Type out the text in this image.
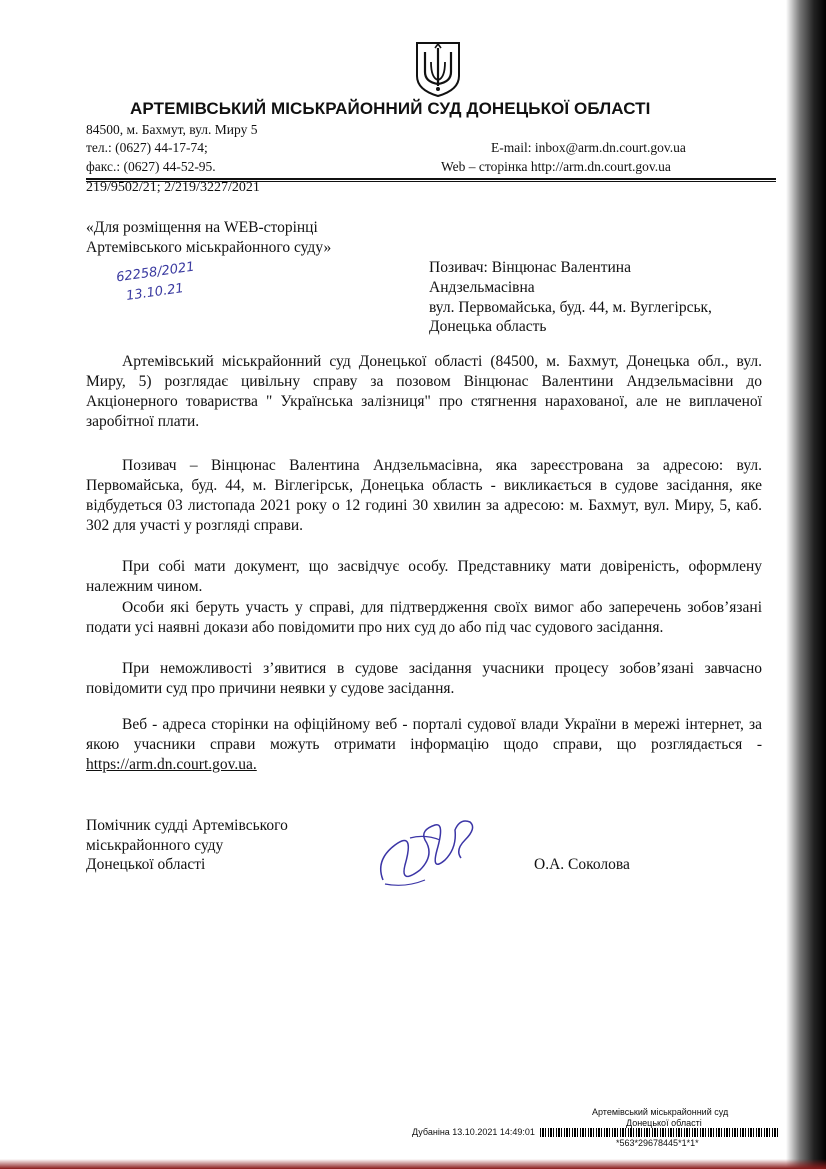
АРТЕМІВСЬКИЙ МІСЬКРАЙОННИЙ СУД ДОНЕЦЬКОЇ ОБЛАСТІ
84500, м. Бахмут, вул. Миру 5
тел.: (0627) 44-17-74;
факс.: (0627) 44-52-95.
E-mail: inbox@arm.dn.court.gov.ua
Web – сторінка http://arm.dn.court.gov.ua
219/9502/21; 2/219/3227/2021
«Для розміщення на WEB-сторінці
Артемівського міськрайонного суду»
62258/2021
13.10.21
Позивач: Вінцюнас Валентина
Андзельмасівна
вул. Первомайська, буд. 44, м. Вуглегірськ,
Донецька область
Артемівський міськрайонний суд Донецької області (84500, м. Бахмут, Донецька обл., вул. Миру, 5) розглядає цивільну справу за позовом Вінцюнас Валентини Андзельмасівни до Акціонерного товариства " Українська залізниця" про стягнення нарахованої, але не виплаченої заробітної плати.
Позивач – Вінцюнас Валентина Андзельмасівна, яка зареєстрована за адресою: вул. Первомайська, буд. 44, м. Віглегірськ, Донецька область - викликається в судове засідання, яке відбудеться 03 листопада 2021 року о 12 годині 30 хвилин за адресою: м. Бахмут, вул. Миру, 5, каб. 302 для участі у розгляді справи.
При собі мати документ, що засвідчує особу. Представнику мати довіреність, оформлену належним чином.
Особи які беруть участь у справі, для підтвердження своїх вимог або заперечень зобов’язані подати усі наявні докази або повідомити про них суд до або під час судового засідання.
При неможливості з’явитися в судове засідання учасники процесу зобов’язані завчасно повідомити суд про причини неявки у судове засідання.
Веб - адреса сторінки на офіційному веб - порталі судової влади України в мережі інтернет, за якою учасники справи можуть отримати інформацію щодо справи, що розглядається - https://arm.dn.court.gov.ua.
Помічник судді Артемівського
міськрайонного суду
Донецької області	О.А. Соколова
Артемівський міськрайонний суд
Донецької області
Дубанiна 13.10.2021 14:49:01
*563*29678445*1*1*
